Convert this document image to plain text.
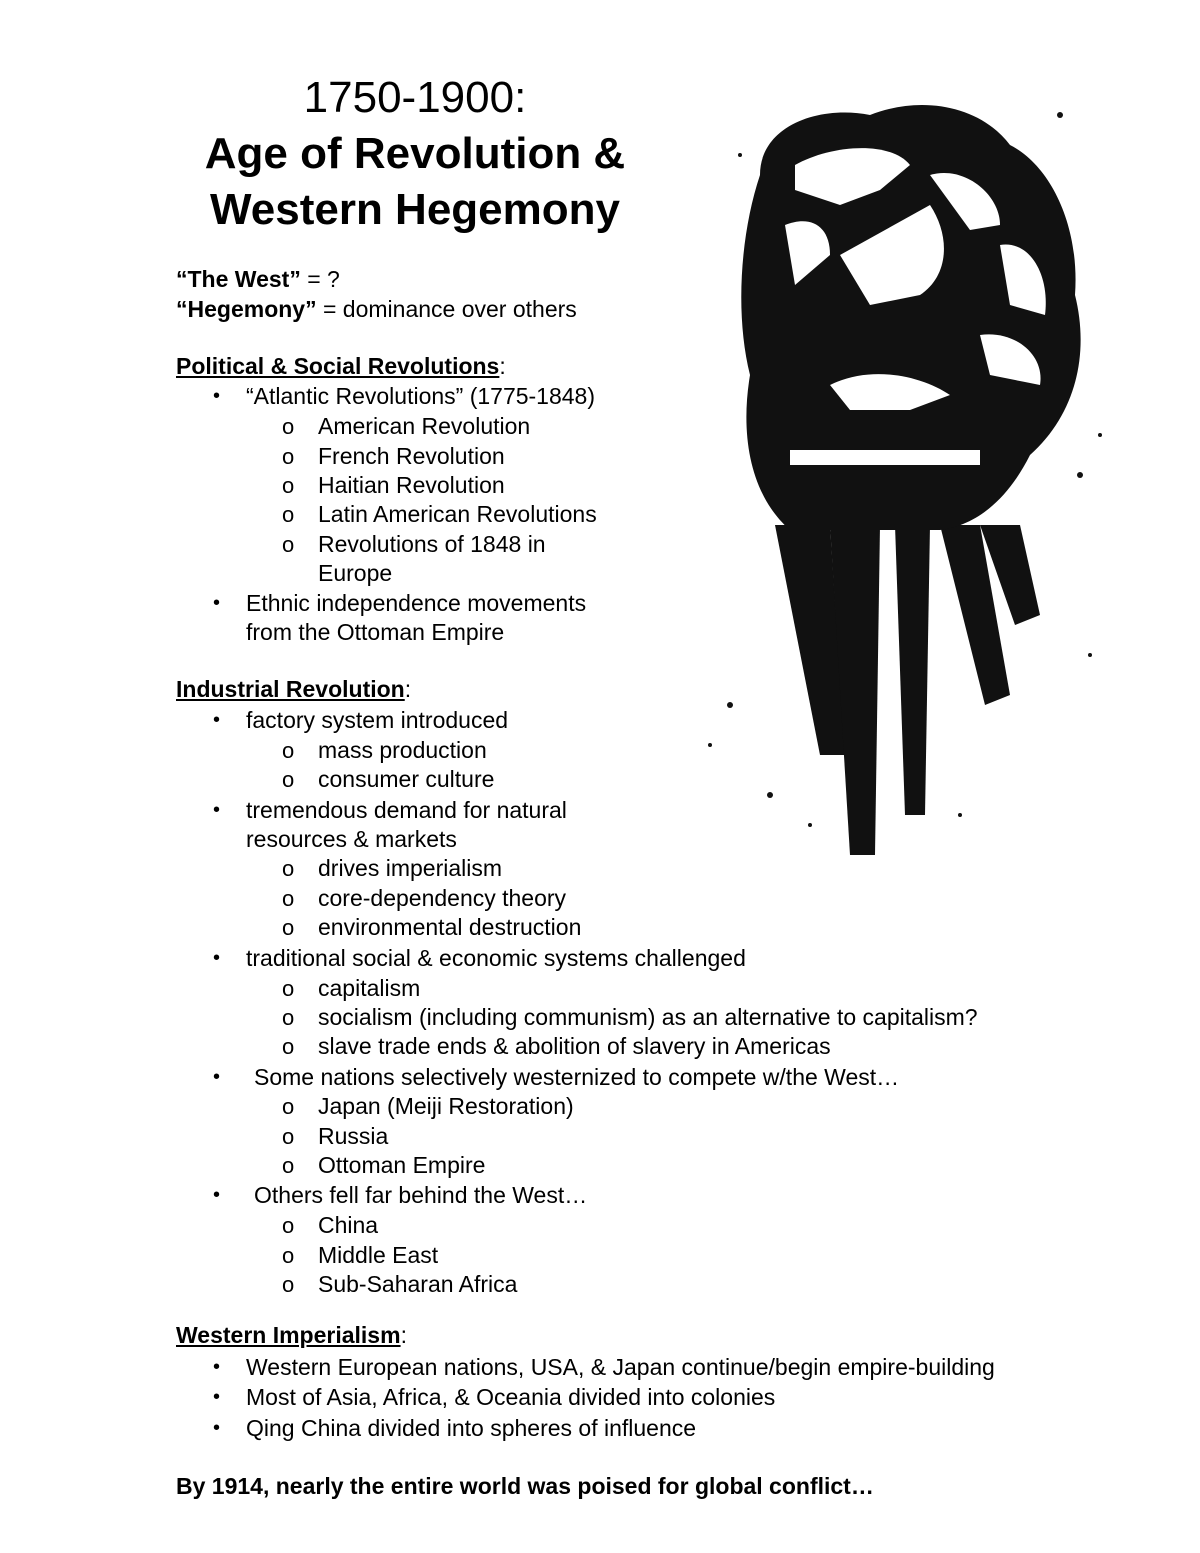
1750-1900:
Age of Revolution &
Western Hegemony
“The West” = ?
“Hegemony” = dominance over others
Political & Social Revolutions:
• “Atlantic Revolutions” (1775-1848)
o American Revolution
o French Revolution
o Haitian Revolution
o Latin American Revolutions
o Revolutions of 1848 in
Europe
• Ethnic independence movements
from the Ottoman Empire
Industrial Revolution:
• factory system introduced
o mass production
o consumer culture
• tremendous demand for natural
resources & markets
o drives imperialism
o core-dependency theory
o environmental destruction
• traditional social & economic systems challenged
o capitalism
o socialism (including communism) as an alternative to capitalism?
o slave trade ends & abolition of slavery in Americas
• Some nations selectively westernized to compete w/the West…
o Japan (Meiji Restoration)
o Russia
o Ottoman Empire
• Others fell far behind the West…
o China
o Middle East
o Sub-Saharan Africa
Western Imperialism:
• Western European nations, USA, & Japan continue/begin empire-building
• Most of Asia, Africa, & Oceania divided into colonies
• Qing China divided into spheres of influence
By 1914, nearly the entire world was poised for global conflict…
